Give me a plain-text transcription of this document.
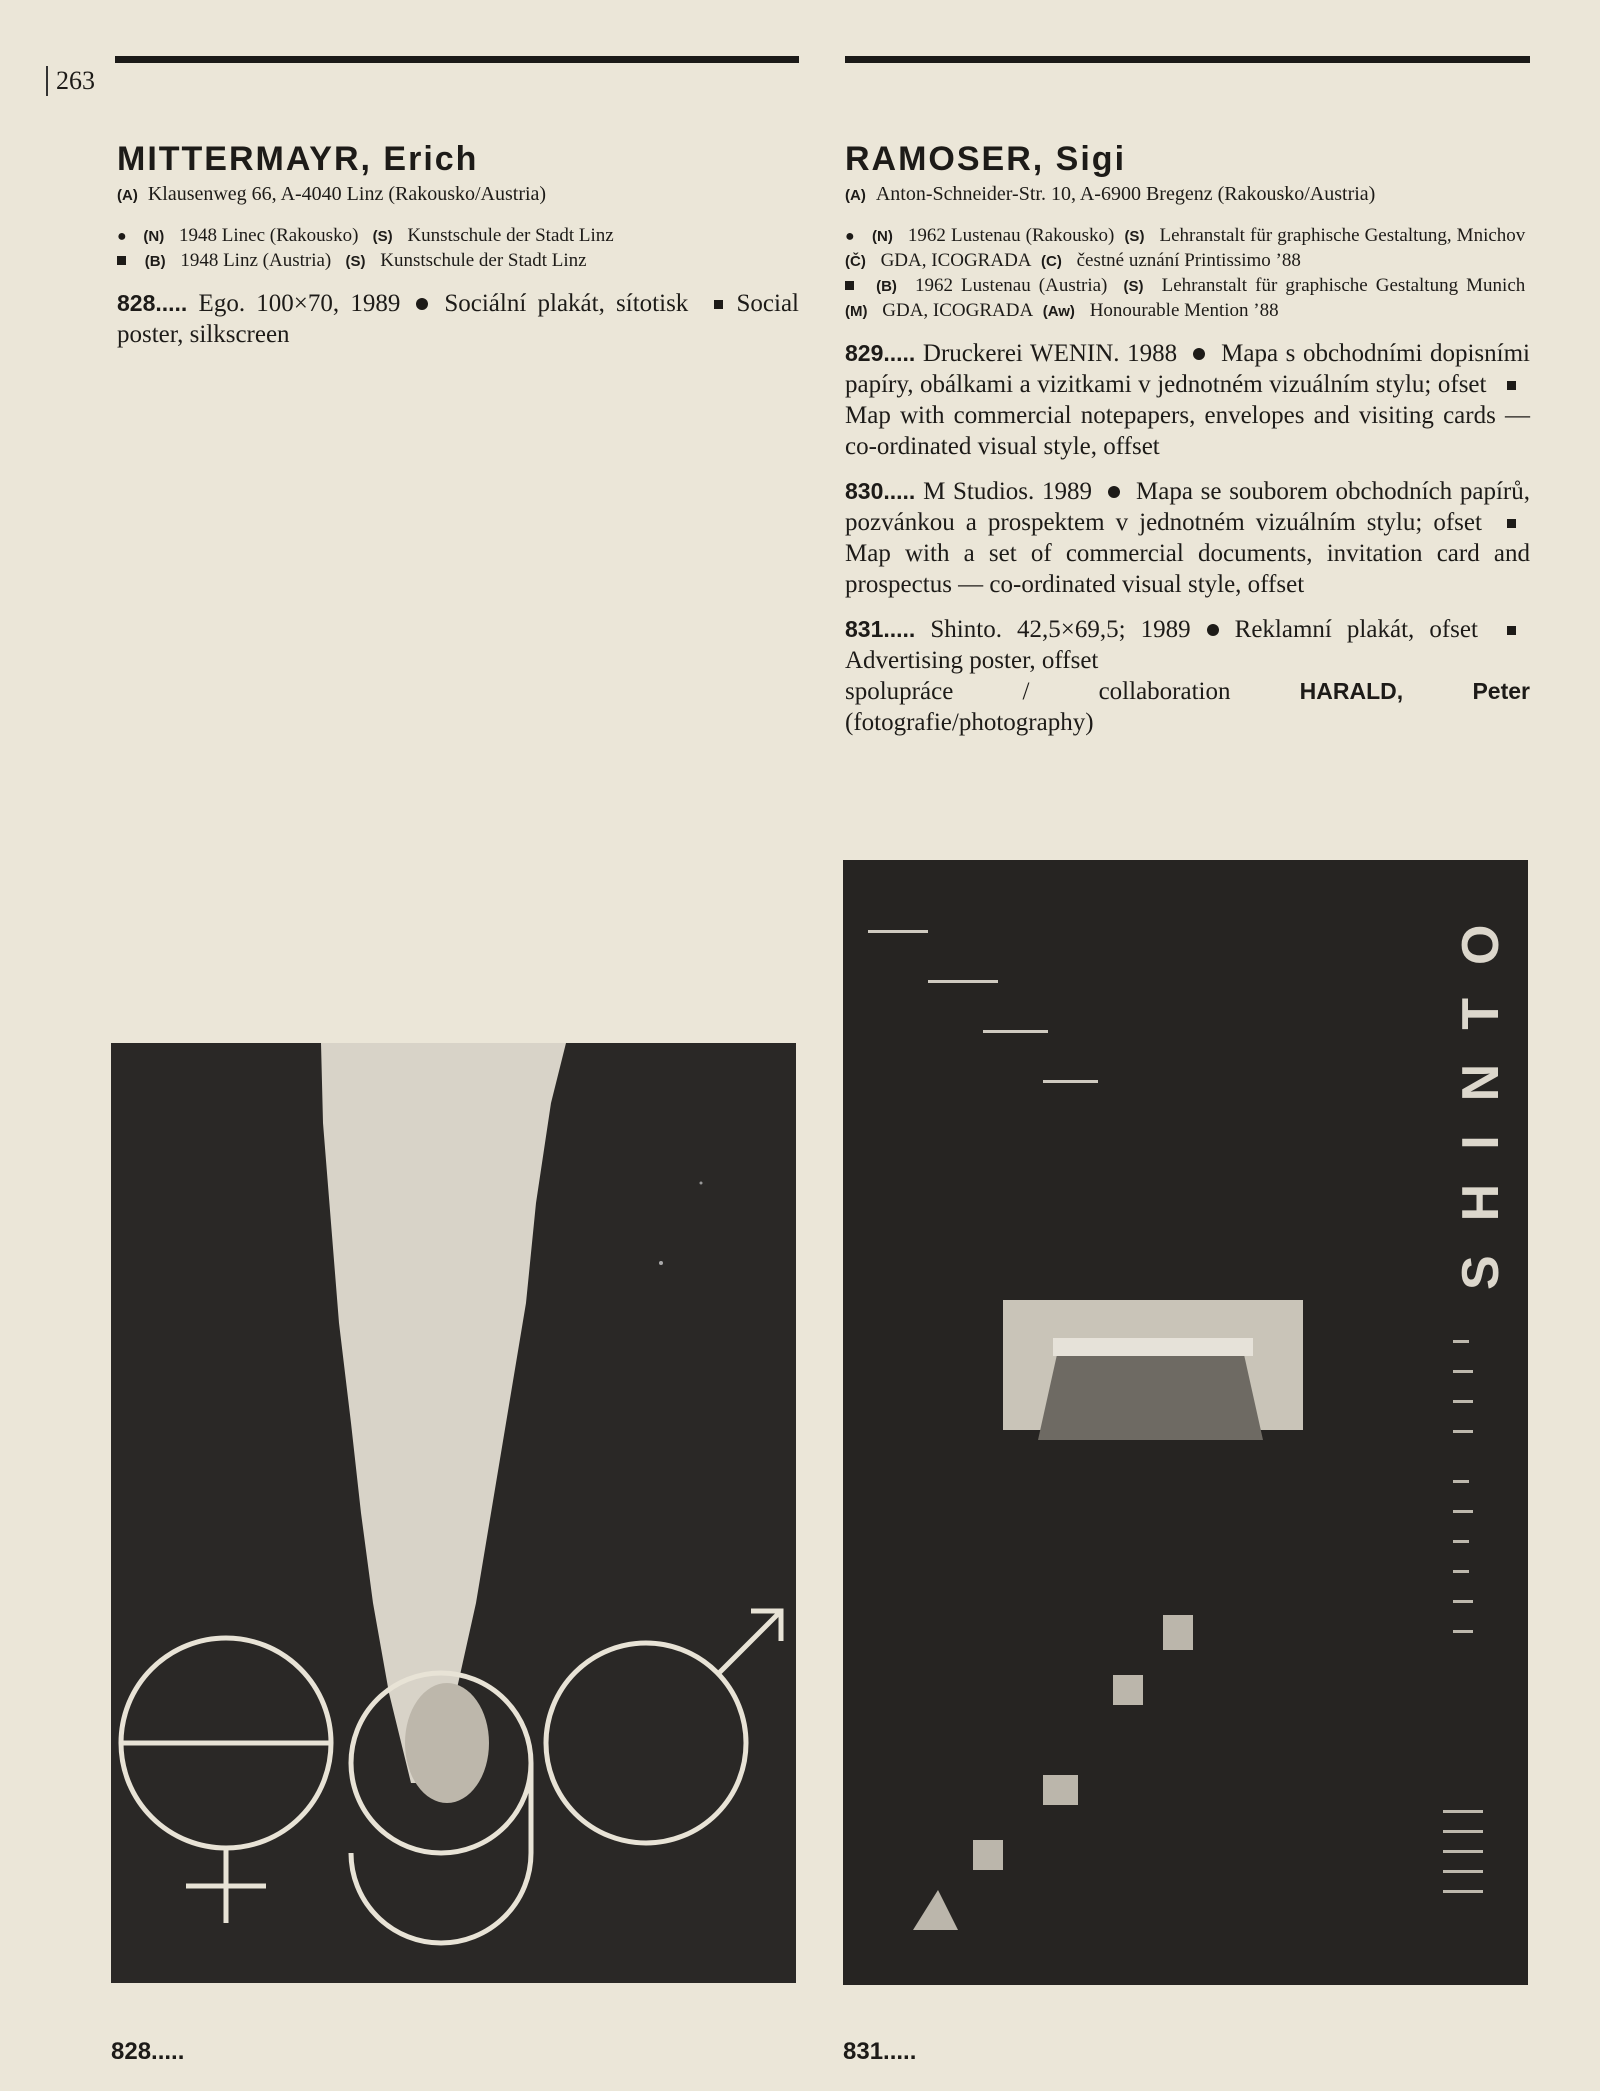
263
MITTERMAYR, Erich
(A) Klausenweg 66, A-4040 Linz (Rakousko/Austria)
● (N) 1948 Linec (Rakousko) (S) Kunstschule der Stadt Linz
(B) 1948 Linz (Austria) (S) Kunstschule der Stadt Linz
828..... Ego. 100×70, 1989 Sociální plakát, sítotisk Social poster, silkscreen
RAMOSER, Sigi
(A) Anton-Schneider-Str. 10, A-6900 Bregenz (Rakousko/Austria)
● (N) 1962 Lustenau (Rakousko) (S) Lehranstalt für graphische Gestaltung, Mnichov  (Č) GDA, ICOGRADA (C) čestné uznání Printissimo ’88
(B) 1962 Lustenau (Austria) (S) Lehranstalt für graphische Gestaltung Munich  (M) GDA, ICOGRADA (Aw) Honourable Mention ’88
829..... Druckerei WENIN. 1988 Mapa s obchodními dopisními papíry, obálkami a vizitkami v jednotném vizuálním stylu; ofset Map with commercial notepapers, envelopes and visiting cards — co-ordinated visual style, offset
830..... M Studios. 1989 Mapa se souborem obchodních papírů, pozvánkou a prospektem v jednotném vizuálním stylu; ofset Map with a set of commercial documents, invitation card and prospectus — co-ordinated visual style, offset
831..... Shinto. 42,5×69,5; 1989 Reklamní plakát, ofset Advertising poster, offset
spolupráce / collaboration	HARALD, Peter (fotografie/photography)
828.....
SHINTO
831.....
